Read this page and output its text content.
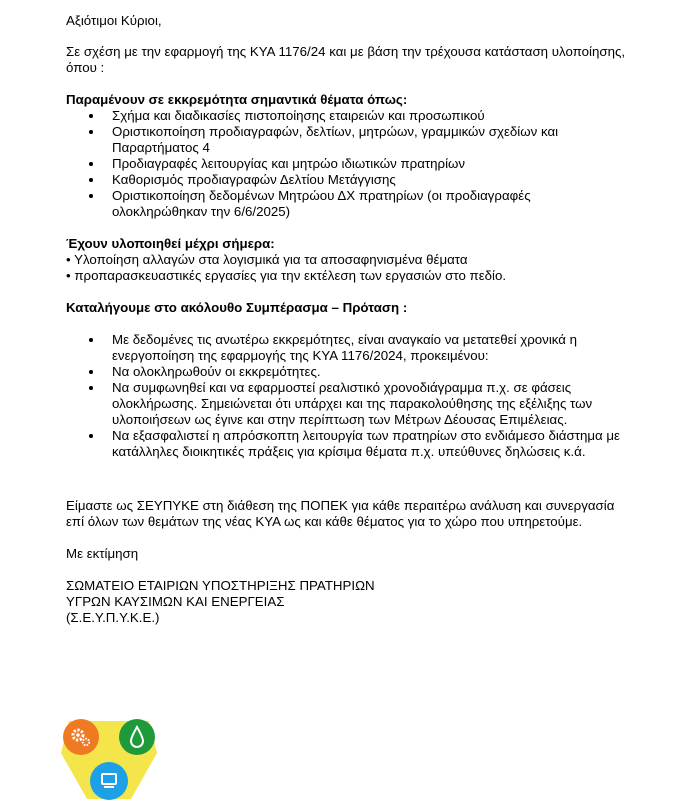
Αξιότιμοι Κύριοι,

Σε σχέση με την εφαρμογή της ΚΥΑ 1176/24 και με βάση την τρέχουσα κατάσταση υλοποίησης, όπου :

Παραμένουν σε εκκρεμότητα σημαντικά θέματα όπως:

Σχήμα και διαδικασίες πιστοποίησης εταιρειών και προσωπικού
Οριστικοποίηση προδιαγραφών, δελτίων, μητρώων, γραμμικών σχεδίων και Παραρτήματος 4
Προδιαγραφές λειτουργίας και μητρώο ιδιωτικών πρατηρίων
Καθορισμός προδιαγραφών Δελτίου Μετάγγισης
Οριστικοποίηση δεδομένων Μητρώου ΔΧ πρατηρίων (οι προδιαγραφές ολοκληρώθηκαν την 6/6/2025)

Έχουν υλοποιηθεί μέχρι σήμερα:

• Υλοποίηση αλλαγών στα λογισμικά για τα αποσαφηνισμένα θέματα

• προπαρασκευαστικές εργασίες για την εκτέλεση των εργασιών στο πεδίο.

Καταλήγουμε στο ακόλουθο Συμπέρασμα – Πρόταση :

Με δεδομένες τις ανωτέρω εκκρεμότητες, είναι αναγκαίο να μετατεθεί χρονικά η ενεργοποίηση της εφαρμογής της ΚΥΑ 1176/2024, προκειμένου:
Να ολοκληρωθούν οι εκκρεμότητες.
Να συμφωνηθεί και να εφαρμοστεί ρεαλιστικό χρονοδιάγραμμα π.χ. σε φάσεις ολοκλήρωσης. Σημειώνεται ότι υπάρχει και της παρακολούθησης της εξέλιξης των υλοποιήσεων ως έγινε και στην περίπτωση των Μέτρων Δέουσας Επιμέλειας.
Να εξασφαλιστεί η απρόσκοπτη λειτουργία των πρατηρίων στο ενδιάμεσο διάστημα με κατάλληλες διοικητικές πράξεις για κρίσιμα θέματα π.χ. υπεύθυνες δηλώσεις κ.ά.

Είμαστε ως ΣΕΥΠΥΚΕ στη διάθεση της ΠΟΠΕΚ για κάθε περαιτέρω ανάλυση και συνεργασία επί όλων των θεμάτων της νέας ΚΥΑ ως και κάθε θέματος για το χώρο που υπηρετούμε.

Με εκτίμηση

ΣΩΜΑΤΕΙΟ ΕΤΑΙΡΙΩΝ ΥΠΟΣΤΗΡΙΞΗΣ ΠΡΑΤΗΡΙΩΝ

ΥΓΡΩΝ ΚΑΥΣΙΜΩΝ ΚΑΙ ΕΝΕΡΓΕΙΑΣ

(Σ.Ε.Υ.Π.Υ.Κ.Ε.)
